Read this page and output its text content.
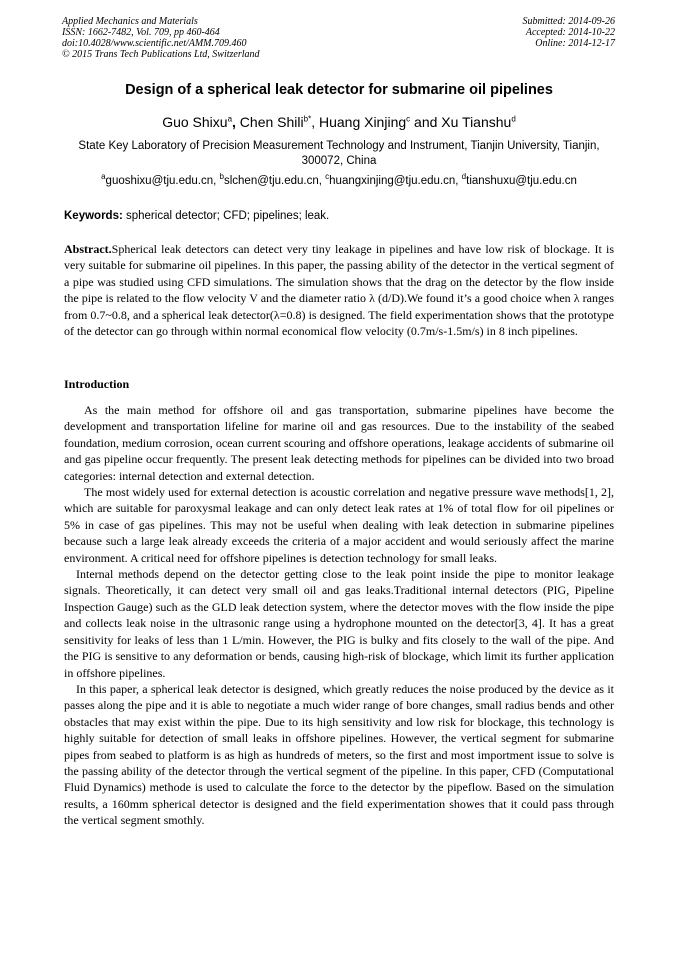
Applied Mechanics and Materials
ISSN: 1662-7482, Vol. 709, pp 460-464
doi:10.4028/www.scientific.net/AMM.709.460
© 2015 Trans Tech Publications Ltd, Switzerland
Submitted: 2014-09-26
Accepted: 2014-10-22
Online: 2014-12-17
Design of a spherical leak detector for submarine oil pipelines
Guo Shixu$^a$, Chen Shili$^{b*}$, Huang Xinjing$^c$ and Xu Tianshu$^d$
State Key Laboratory of Precision Measurement Technology and Instrument, Tianjin University, Tianjin, 300072, China
$^a$guoshixu@tju.edu.cn, $^b$slchen@tju.edu.cn, $^c$huangxinjing@tju.edu.cn, $^d$tianshuxu@tju.edu.cn
Keywords: spherical detector; CFD; pipelines; leak.
Abstract.Spherical leak detectors can detect very tiny leakage in pipelines and have low risk of blockage. It is very suitable for submarine oil pipelines. In this paper, the passing ability of the detector in the vertical segment of a pipe was studied using CFD simulations. The simulation shows that the drag on the detector by the flow inside the pipe is related to the flow velocity V and the diameter ratio λ (d/D).We found it’s a good choice when λ ranges from 0.7~0.8, and a spherical leak detector(λ=0.8) is designed. The field experimentation shows that the prototype of the detector can go through within normal economical flow velocity (0.7m/s-1.5m/s) in 8 inch pipelines.
Introduction

As the main method for offshore oil and gas transportation, submarine pipelines have become the development and transportation lifeline for marine oil and gas resources. Due to the instability of the seabed foundation, medium corrosion, ocean current scouring and offshore operations, leakage accidents of submarine oil and gas pipeline occur frequently. The present leak detecting methods for pipelines can be divided into two broad categories: internal detection and external detection.

The most widely used for external detection is acoustic correlation and negative pressure wave methods[1, 2], which are suitable for paroxysmal leakage and can only detect leak rates at 1% of total flow for oil pipelines or 5% in case of gas pipelines. This may not be useful when dealing with leak detection in submarine pipelines because such a large leak already exceeds the criteria of a major accident and would seriously affect the marine environment. A critical need for offshore pipelines is detection technology for small leaks.

Internal methods depend on the detector getting close to the leak point inside the pipe to monitor leakage signals. Theoretically, it can detect very small oil and gas leaks.Traditional internal detectors (PIG, Pipeline Inspection Gauge) such as the GLD leak detection system, where the detector moves with the flow inside the pipe and collects leak noise in the ultrasonic range using a hydrophone mounted on the detector[3, 4]. It has a great sensitivity for leaks of less than 1 L/min. However, the PIG is bulky and fits closely to the wall of the pipe. And the PIG is sensitive to any deformation or bends, causing high-risk of blockage, which limit its further application in offshore pipelines.

In this paper, a spherical leak detector is designed, which greatly reduces the noise produced by the device as it passes along the pipe and it is able to negotiate a much wider range of bore changes, small radius bends and other obstacles that may exist within the pipe. Due to its high sensitivity and low risk for blockage, this technology is highly suitable for detection of small leaks in offshore pipelines. However, the vertical segment for submarine pipes from seabed to platform is as high as hundreds of meters, so the first and most importment issue to solve is the passing ability of the detector through the vertical segment of the pipeline. In this paper, CFD (Computational Fluid Dynamics) methode is used to calculate the force to the detector by the pipeflow. Based on the simulation results, a 160mm spherical detector is designed and the field experimentation showes that it could pass through the vertical segment smothly.
